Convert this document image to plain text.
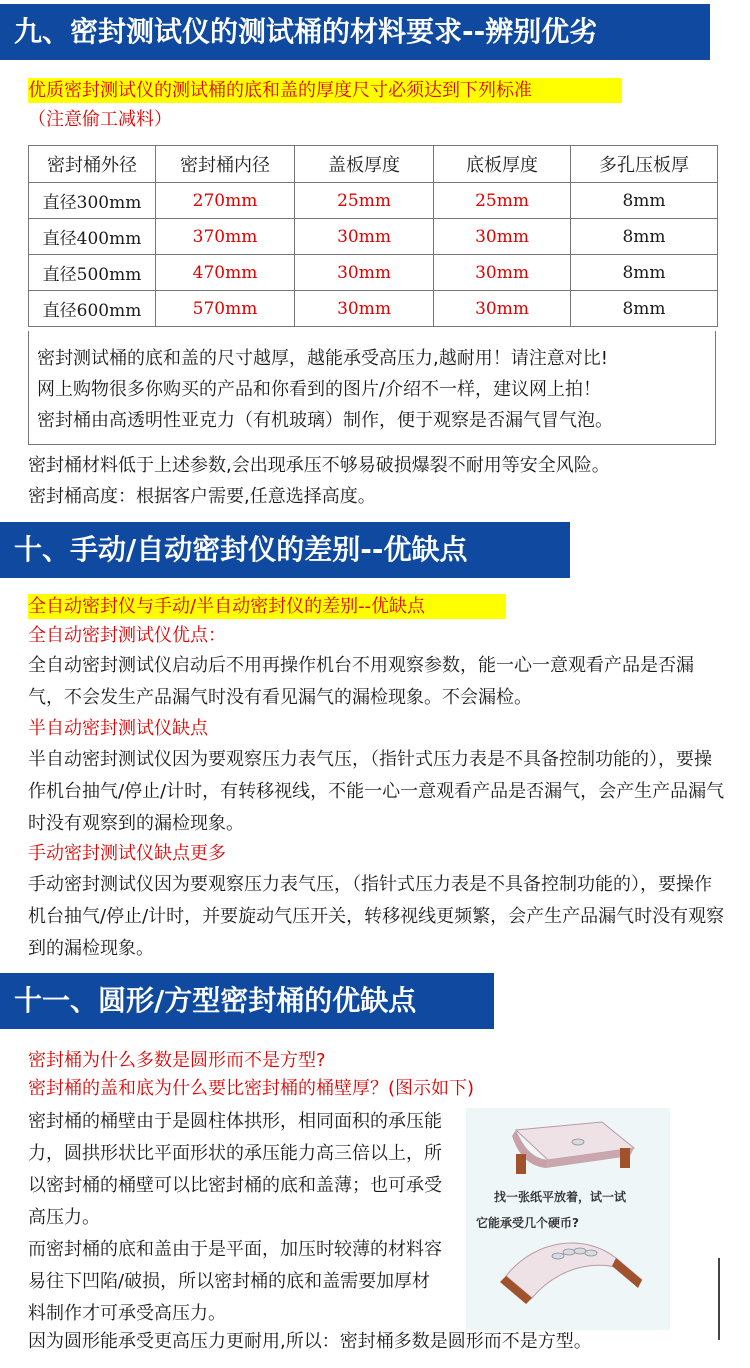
九、密封测试仪的测试桶的材料要求--辨别优劣
优质密封测试仪的测试桶的底和盖的厚度尺寸必须达到下列标准
（注意偷工减料）
密封桶外径	密封桶内径	盖板厚度	底板厚度	多孔压板厚
直径300mm	270mm	25mm	25mm	8mm
直径400mm	370mm	30mm	30mm	8mm
直径500mm	470mm	30mm	30mm	8mm
直径600mm	570mm	30mm	30mm	8mm
密封测试桶的底和盖的尺寸越厚，越能承受高压力,越耐用！请注意对比!
网上购物很多你购买的产品和你看到的图片/介绍不一样，建议网上拍！
密封桶由高透明性亚克力（有机玻璃）制作，便于观察是否漏气冒气泡。
密封桶材料低于上述参数,会出现承压不够易破损爆裂不耐用等安全风险。
密封桶高度：根据客户需要,任意选择高度。
十、手动/自动密封仪的差别--优缺点
全自动密封仪与手动/半自动密封仪的差别--优缺点
全自动密封测试仪优点：
全自动密封测试仪启动后不用再操作机台不用观察参数，能一心一意观看产品是否漏气，不会发生产品漏气时没有看见漏气的漏检现象。不会漏检。
半自动密封测试仪缺点
半自动密封测试仪因为要观察压力表气压，（指针式压力表是不具备控制功能的），要操作机台抽气/停止/计时，有转移视线，不能一心一意观看产品是否漏气，会产生产品漏气时没有观察到的漏检现象。
手动密封测试仪缺点更多
手动密封测试仪因为要观察压力表气压，（指针式压力表是不具备控制功能的），要操作机台抽气/停止/计时，并要旋动气压开关，转移视线更频繁，会产生产品漏气时没有观察到的漏检现象。
十一、圆形/方型密封桶的优缺点
密封桶为什么多数是圆形而不是方型?
密封桶的盖和底为什么要比密封桶的桶壁厚？(图示如下)
密封桶的桶壁由于是圆柱体拱形，相同面积的承压能力，圆拱形状比平面形状的承压能力高三倍以上，所以密封桶的桶壁可以比密封桶的底和盖薄；也可承受高压力。
而密封桶的底和盖由于是平面，加压时较薄的材料容易往下凹陷/破损，所以密封桶的底和盖需要加厚材料制作才可承受高压力。
因为圆形能承受更高压力更耐用,所以：密封桶多数是圆形而不是方型。
找一张纸平放着，试一试
它能承受几个硬币?
